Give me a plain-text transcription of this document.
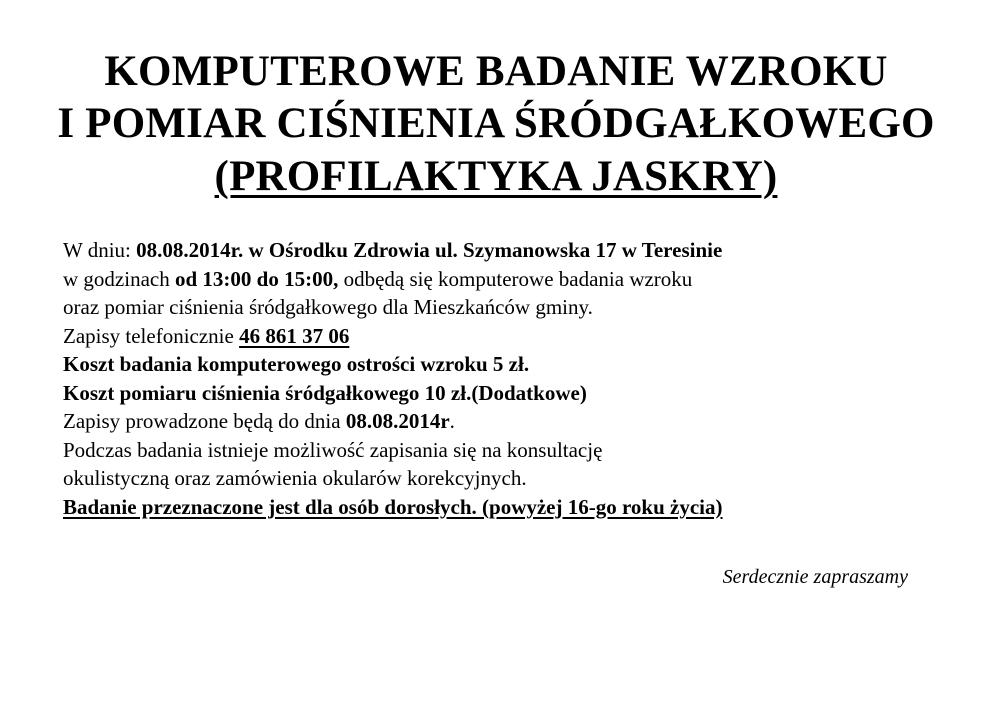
KOMPUTEROWE BADANIE WZROKU
I POMIAR CIŚNIENIA ŚRÓDGAŁKOWEGO
(PROFILAKTYKA JASKRY)
W dniu: 08.08.2014r. w Ośrodku Zdrowia ul. Szymanowska 17 w Teresinie
w godzinach od 13:00 do 15:00, odbędą się komputerowe badania wzroku
oraz pomiar ciśnienia śródgałkowego dla Mieszkańców gminy.
Zapisy telefonicznie 46 861 37 06
Koszt badania komputerowego ostrości wzroku 5 zł.
Koszt pomiaru ciśnienia śródgałkowego 10 zł.(Dodatkowe)
Zapisy prowadzone będą do dnia 08.08.2014r.
Podczas badania istnieje możliwość zapisania się na konsultację
okulistyczną oraz zamówienia okularów korekcyjnych.
Badanie przeznaczone jest dla osób dorosłych. (powyżej 16-go roku życia)
Serdecznie zapraszamy
